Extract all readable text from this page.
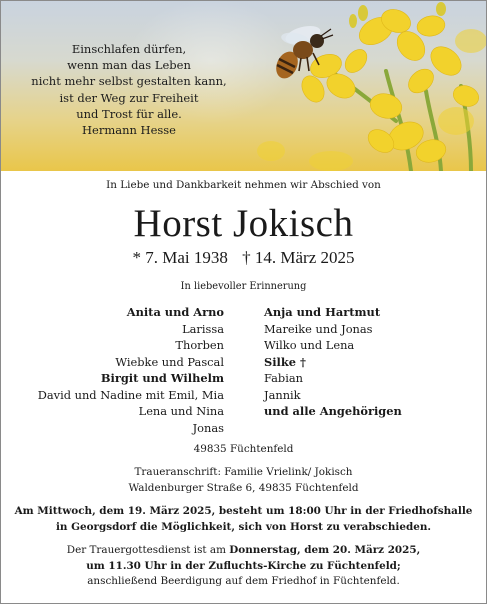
Einschlafen dürfen,
wenn man das Leben
nicht mehr selbst gestalten kann,
ist der Weg zur Freiheit
und Trost für alle.
Hermann Hesse
In Liebe und Dankbarkeit nehmen wir Abschied von
Horst Jokisch
* 7. Mai 1938 † 14. März 2025
In liebevoller Erinnerung
Anita und Arno
Larissa
Thorben
Wiebke und Pascal
Birgit und Wilhelm
David und Nadine mit Emil, Mia
Lena und Nina
Jonas
Anja und Hartmut
Mareike und Jonas
Wilko und Lena
Silke †
Fabian
Jannik
und alle Angehörigen
49835 Füchtenfeld
Traueranschrift: Familie Vrielink/ Jokisch
Waldenburger Straße 6, 49835 Füchtenfeld
Am Mittwoch, dem 19. März 2025, besteht um 18:00 Uhr in der Friedhofshalle
in Georgsdorf die Möglichkeit, sich von Horst zu verabschieden.
Der Trauergottesdienst ist am Donnerstag, dem 20. März 2025,
um 11.30 Uhr in der Zufluchts-Kirche zu Füchtenfeld;
anschließend Beerdigung auf dem Friedhof in Füchtenfeld.
